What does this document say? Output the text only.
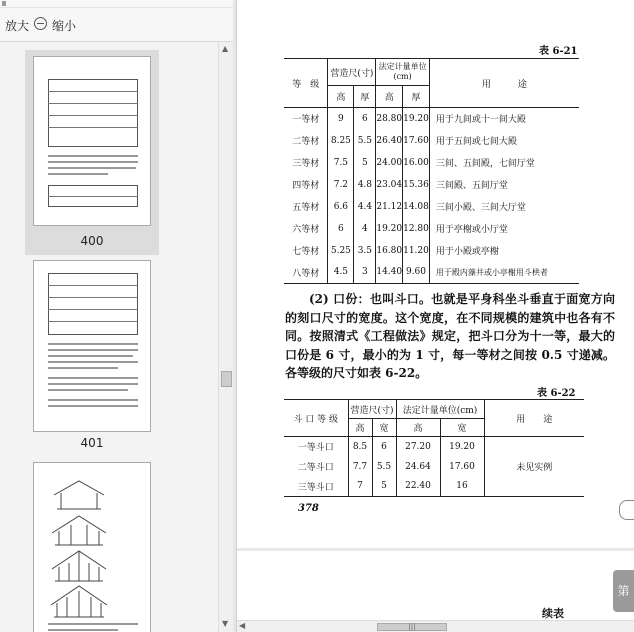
放大 缩小
400
401
▲
▼
表 6-21
等　级	营造尺(寸)		法定计量单位
(cm)		用　　　途
	高	厚	高	厚	
一等材	9	6	28.80	19.20	用于九间或十一间大殿
二等材	8.25	5.5	26.40	17.60	用于五间或七间大殿
三等材	7.5	5	24.00	16.00	三间、五间殿，七间厅堂
四等材	7.2	4.8	23.04	15.36	三间殿、五间厅堂
五等材	6.6	4.4	21.12	14.08	三间小殿、三间大厅堂
六等材	6	4	19.20	12.80	用于亭榭或小厅堂
七等材	5.25	3.5	16.80	11.20	用于小殿或亭榭
八等材	4.5	3	14.40	9.60	用于殿内藻井或小亭榭用斗栱者
(2) 口份：也叫斗口。也就是平身科坐斗垂直于面宽方向的刻口尺寸的宽度。这个宽度，在不同规模的建筑中也各有不同。按照清式《工程做法》规定，把斗口分为十一等，最大的口份是 6 寸，最小的为 1 寸，每一等材之间按 0.5 寸递减。各等级的尺寸如表 6-22。
表 6-22
斗 口 等 级	营造尺(寸)		法定计量单位(cm)		用　　途
	高	宽	高	宽	
一等斗口	8.5	6	27.20	19.20	未见实例
二等斗口	7.7	5.5	24.64	17.60	
三等斗口	7	5	22.40	16	
378
续表
第
◀	|||
